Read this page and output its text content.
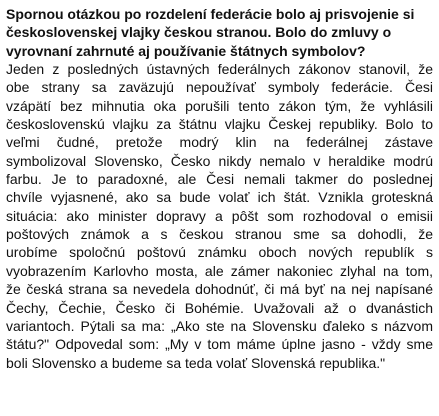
Spornou otázkou po rozdelení federácie bolo aj prisvojenie si
československej vlajky českou stranou. Bolo do zmluvy o
vyrovnaní zahrnuté aj používanie štátnych symbolov?
Jeden z posledných ústavných federálnych zákonov stanovil, že
obe strany sa zaväzujú nepoužívať symboly federácie. Česi
vzápätí bez mihnutia oka porušili tento zákon tým, že vyhlásili
československú vlajku za štátnu vlajku Českej republiky. Bolo to
veľmi čudné, pretože modrý klin na federálnej zástave
symbolizoval Slovensko, Česko nikdy nemalo v heraldike modrú
farbu. Je to paradoxné, ale Česi nemali takmer do poslednej
chvíle vyjasnené, ako sa bude volať ich štát. Vznikla groteskná
situácia: ako minister dopravy a pôšt som rozhodoval o emisii
poštových známok a s českou stranou sme sa dohodli, že
urobíme spoločnú poštovú známku oboch nových republík s
vyobrazením Karlovho mosta, ale zámer nakoniec zlyhal na tom,
že česká strana sa nevedela dohodnúť, či má byť na nej napísané
Čechy, Čechie, Česko či Bohémie. Uvažovali až o dvanástich
variantoch. Pýtali sa ma: „Ako ste na Slovensku ďaleko s názvom
štátu?" Odpovedal som: „My v tom máme úplne jasno - vždy sme
boli Slovensko a budeme sa teda volať Slovenská republika."
